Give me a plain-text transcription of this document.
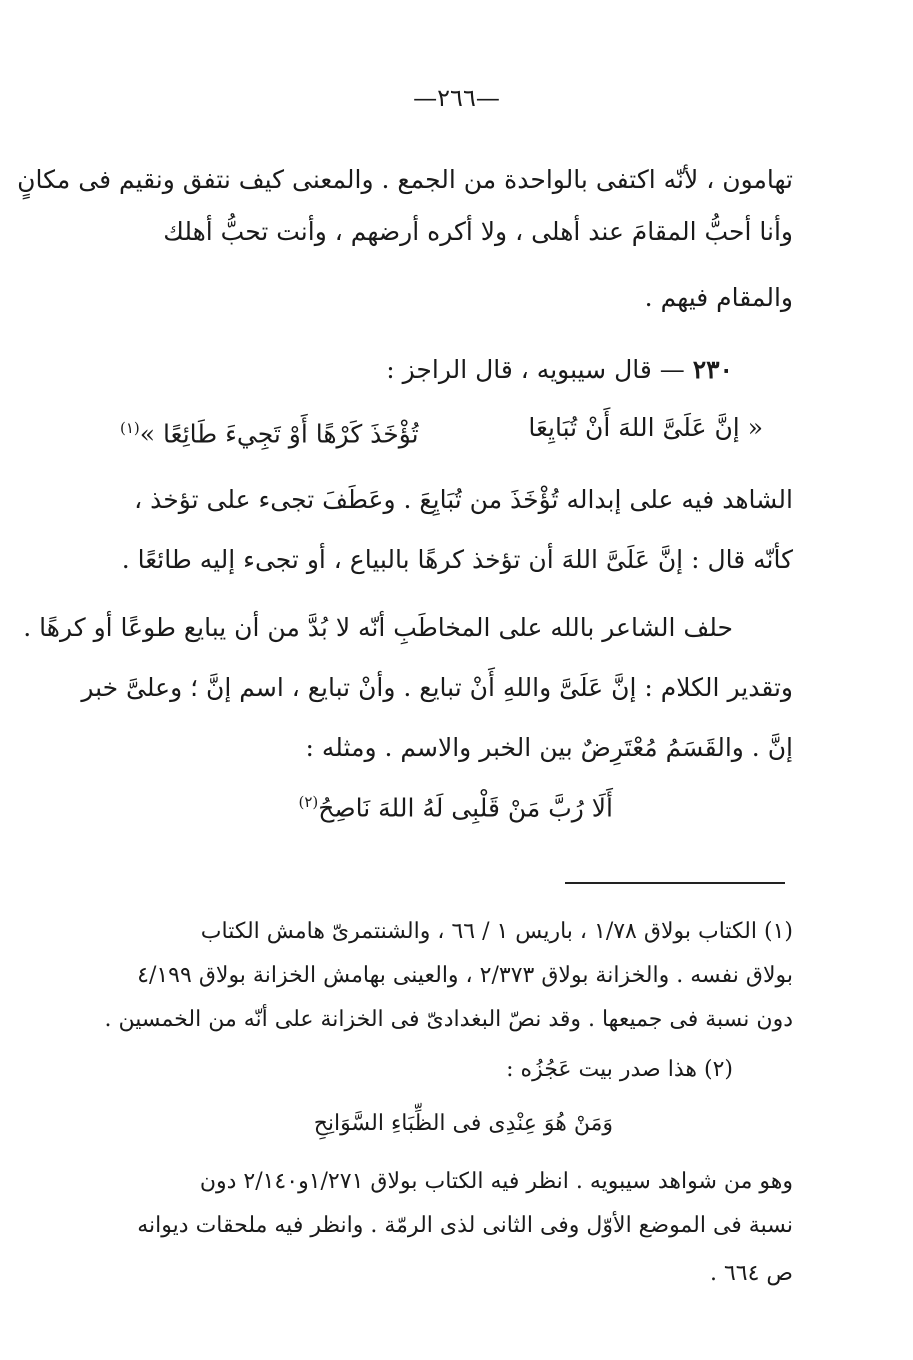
—٢٦٦—
تهامون ، لأنّه اكتفى بالواحدة من الجمع . والمعنى كيف نتفق ونقيم فى مكانٍ
وأنا أحبُّ المقامَ عند أهلى ، ولا أكره أرضهم ، وأنت تحبُّ أهلك
والمقام فيهم .
٢٣٠ — قال سيبويه ، قال الراجز :
« إنَّ عَلَىَّ اللهَ أَنْ تُبَايِعَا
تُؤْخَذَ كَرْهًا أَوْ تَجِيءَ طَائِعًا »$^{(١)}$
الشاهد فيه على إبداله تُؤْخَذَ من تُبَايِعَ . وعَطَفَ تجىء على تؤخذ ،
كأنّه قال : إنَّ عَلَىَّ اللهَ أن تؤخذ كرهًا بالبياع ، أو تجىء إليه طائعًا .
حلف الشاعر بالله على المخاطَبِ أنّه لا بُدَّ من أن يبايع طوعًا أو كرهًا .
وتقدير الكلام : إنَّ عَلَىَّ واللهِ أَنْ تبايع . وأنْ تبايع ، اسم إنَّ ؛ وعلىَّ خبر
إنَّ . والقَسَمُ مُعْتَرِضٌ بين الخبر والاسم . ومثله :
أَلَا رُبَّ مَنْ قَلْبِى لَهُ اللهَ نَاصِحُ$^{(٢)}$
(١) الكتاب بولاق ١/٧٨ ، باريس ١ / ٦٦ ، والشنتمرىّ هامش الكتاب
بولاق نفسه . والخزانة بولاق ٢/٣٧٣ ، والعينى بهامش الخزانة بولاق ٤/١٩٩
دون نسبة فى جميعها . وقد نصّ البغدادىّ فى الخزانة على أنّه من الخمسين .
(٢) هذا صدر بيت عَجُزُه :
وَمَنْ هُوَ عِنْدِى فى الظِّبَاءِ السَّوَانِحِ
وهو من شواهد سيبويه . انظر فيه الكتاب بولاق ١/٢٧١و٢/١٤٠ دون
نسبة فى الموضع الأوّل وفى الثانى لذى الرمّة . وانظر فيه ملحقات ديوانه
ص ٦٦٤ .
